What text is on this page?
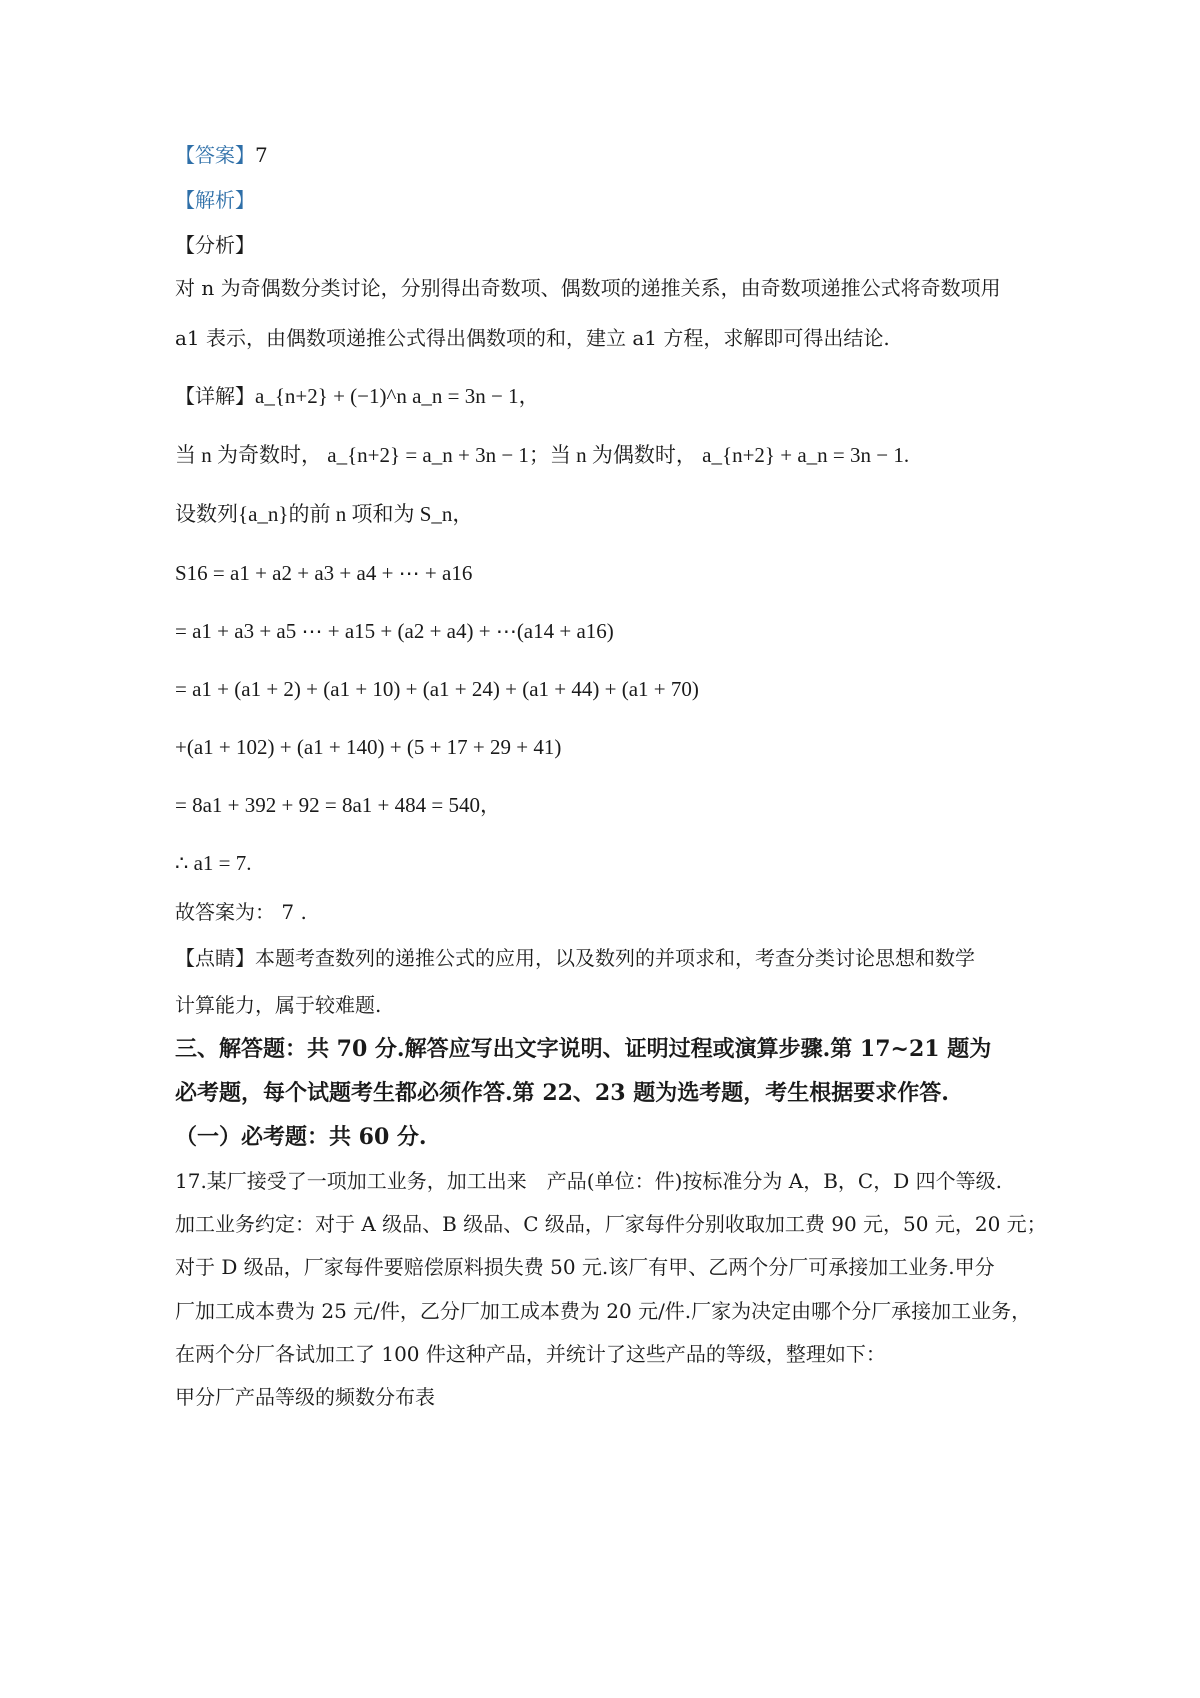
【答案】7
【解析】
【分析】
对 n 为奇偶数分类讨论，分别得出奇数项、偶数项的递推关系，由奇数项递推公式将奇数项用
a1 表示，由偶数项递推公式得出偶数项的和，建立 a1 方程，求解即可得出结论.
【详解】a_{n+2} + (−1)^n a_n = 3n − 1，
当 n 为奇数时， a_{n+2} = a_n + 3n − 1；当 n 为偶数时， a_{n+2} + a_n = 3n − 1.
设数列{a_n}的前 n 项和为 S_n，
S16 = a1 + a2 + a3 + a4 + ⋯ + a16
= a1 + a3 + a5 ⋯ + a15 + (a2 + a4) + ⋯(a14 + a16)
= a1 + (a1 + 2) + (a1 + 10) + (a1 + 24) + (a1 + 44) + (a1 + 70)
+(a1 + 102) + (a1 + 140) + (5 + 17 + 29 + 41)
= 8a1 + 392 + 92 = 8a1 + 484 = 540，
∴ a1 = 7.
故答案为： 7 .
【点睛】本题考查数列的递推公式的应用，以及数列的并项求和，考查分类讨论思想和数学
计算能力，属于较难题.
三、解答题：共 70 分.解答应写出文字说明、证明过程或演算步骤.第 17~21 题为
必考题，每个试题考生都必须作答.第 22、23 题为选考题，考生根据要求作答.
（一）必考题：共 60 分.
17.某厂接受了一项加工业务，加工出来　产品(单位：件)按标准分为 A，B，C，D 四个等级.
加工业务约定：对于 A 级品、B 级品、C 级品，厂家每件分别收取加工费 90 元，50 元，20 元；
对于 D 级品，厂家每件要赔偿原料损失费 50 元.该厂有甲、乙两个分厂可承接加工业务.甲分
厂加工成本费为 25 元/件，乙分厂加工成本费为 20 元/件.厂家为决定由哪个分厂承接加工业务，
在两个分厂各试加工了 100 件这种产品，并统计了这些产品的等级，整理如下：
甲分厂产品等级的频数分布表
